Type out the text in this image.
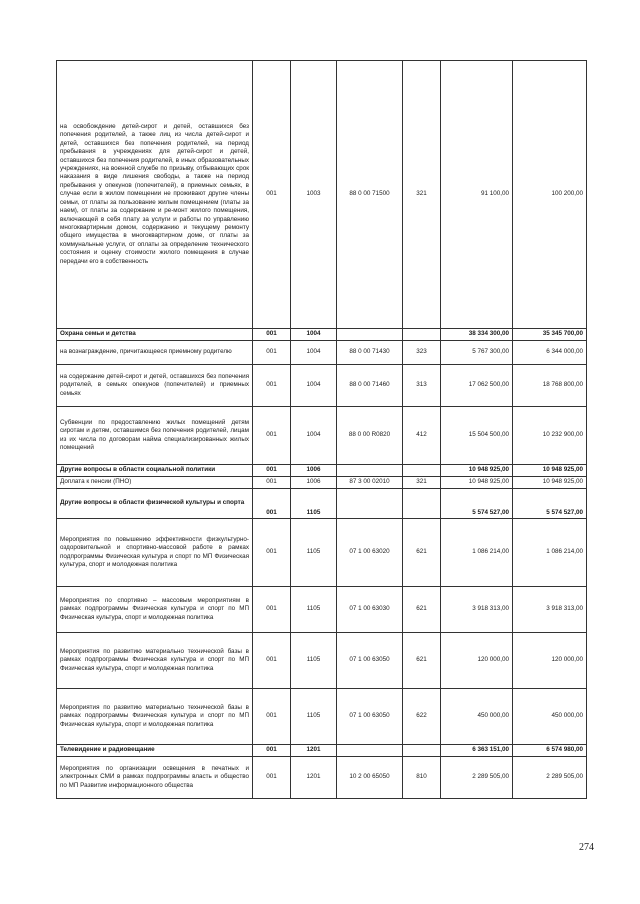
на освобождение детей-сирот и детей, оставшихся без попечения родителей, а также лиц из числа детей-сирот и детей, оставшихся без попечения родителей, на период пребывания в учреждениях для детей-сирот и детей, оставшихся без попечения родителей, в иных образовательных учреждениях, на военной службе по призыву, отбывающих срок наказания в виде лишения свободы, а также на период пребывания у опекунов (попечителей), в приемных семьях, в случае если в жилом помещении не проживают другие члены семьи, от платы за пользование жилым помещением (платы за наем), от платы за содержание и ре-монт жилого помещения, включающей в себя плату за услуги и работы по управлению многоквартирным домом, содержанию и текущему ремонту общего имущества в многоквартирном доме, от платы за коммунальные услуги, от оплаты за определение технического состояния и оценку стоимости жилого помещения в случае передачи его в собственность	001	1003	88 0 00 71500	321	91 100,00	100 200,00
Охрана семьи и детства	001	1004			38 334 300,00	35 345 700,00
на вознаграждение, причитающееся приемному родителю	001	1004	88 0 00 71430	323	5 767 300,00	6 344 000,00
на содержание детей-сирот и детей, оставшихся без попечения родителей, в семьях опекунов (попечителей) и приемных семьях	001	1004	88 0 00 71460	313	17 062 500,00	18 768 800,00
Субвенции по предоставлению жилых помещений детям сиротам и детям, оставшимся без попечения родителей, лицам из их числа по договорам найма специализированных жилых помещений	001	1004	88 0 00 R0820	412	15 504 500,00	10 232 900,00
Другие вопросы в области социальной политики	001	1006			10 948 925,00	10 948 925,00
Доплата к пенсии (ПНО)	001	1006	87 3 00 02010	321	10 948 925,00	10 948 925,00
Другие вопросы в области физической культуры и спорта	001	1105			5 574 527,00	5 574 527,00
Мероприятия по повышению эффективности физкультурно-оздоровительной и спортивно-массовой работе в рамках подпрограммы Физическая культура и спорт по МП Физическая культура, спорт и молодежная политика	001	1105	07 1 00 63020	621	1 086 214,00	1 086 214,00
Мероприятия по спортивно – массовым мероприятиям в рамках подпрограммы Физическая культура и спорт по МП Физическая культура, спорт и молодежная политика	001	1105	07 1 00 63030	621	3 918 313,00	3 918 313,00
Мероприятия по развитию материально технической базы в рамках подпрограммы Физическая культура и спорт по МП Физическая культура, спорт и молодежная политика	001	1105	07 1 00 63050	621	120 000,00	120 000,00
Мероприятия по развитию материально технической базы в рамках подпрограммы Физическая культура и спорт по МП Физическая культура, спорт и молодежная политика	001	1105	07 1 00 63050	622	450 000,00	450 000,00
Телевидение и радиовещание	001	1201			6 363 151,00	6 574 980,00
Мероприятия по организации освещения в печатных и электронных СМИ в рамках подпрограммы власть и общество по МП Развитие информационного общества	001	1201	10 2 00 65050	810	2 289 505,00	2 289 505,00
274
